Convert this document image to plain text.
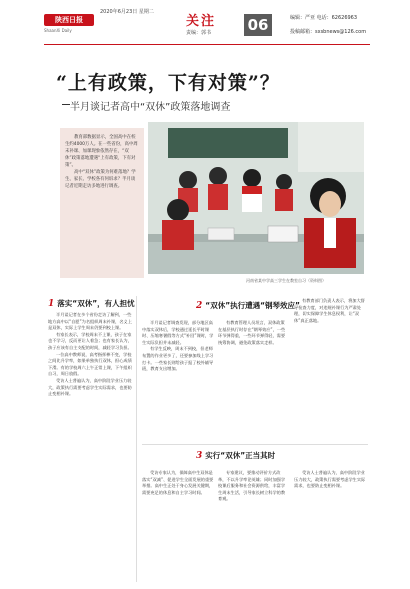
2020年6月23日 星期二
陕西日报
ShaanXi Daily
关注
责编：郭书 06	编辑：严亚 电话：62626963
投稿邮箱：sxsbnews@126.com
“上有政策，下有对策”？
半月谈记者高中“双休”政策落地调查

教育部数据显示，全国高中在校生约4000万人。在一些省份，高中周末补课、加课现象依然存在，“双休”政策落地遭遇“上有政策，下有对策”。

高中“双休”政策为何难落地？学生、家长、学校各有何诉求？半月谈记者近期走访多地进行调查。

河南省某中学高三学生在教室自习（资料图）
1 落实“双休”，有人担忧

半月谈记者在多个省份走访了解到，一些地方高中以“自愿”为名组织周末补课，名义上是双休，实际上学生周末仍要到校上课。

有家长表示，学校周末不上课，孩子在家也不学习，反而更让人着急；也有家长认为，孩子应该有自主支配的时间，减轻学习负担。

一位高中教师说，高考指挥棒不变，学校之间比升学率，如果单独执行双休，担心成绩下滑。有的学校周六上午正常上课，下午组织自习，周日放假。

受访人士普遍认为，高中阶段学业压力较大，政策执行需要考虑学生实际需求，也要防止变相补课。

2 “双休”执行遭遇“钢琴效应”

半月谈记者调查发现，部分地区高中落实双休后，学校通过延长平时课时、压缩寒暑假等方式“补回”课时，学生实际负担并未减轻。

有学生反映，周末不到校，但老师布置的作业更多了，还要参加线上学习打卡。一些家长则给孩子报了校外辅导班，教育支出增加。

有教育管理人员坦言，双休政策在基层执行时存在“钢琴效应”，一些环节弹得重，一些环节弹得轻，需要统筹协调，避免政策落实走样。

有教育部门负责人表示，将加大督导检查力度，对违规补课行为严肃处理，切实保障学生休息权利，让“双休”真正落地。

3 实行“双休”正当其时

受访专家认为，保障高中生双休是落实“双减”、促进学生全面发展的重要举措。高中生正处于身心发展关键期，需要充足的休息和自主学习时间。

专家建议，要推动评价方式改革，不以升学率论英雄；同时加强学校课后服务和社会资源供给，丰富学生周末生活，引导家长树立科学的教育观。

受访人士普遍认为，高中阶段学业压力较大，政策执行需要考虑学生实际需求，也要防止变相补课。
